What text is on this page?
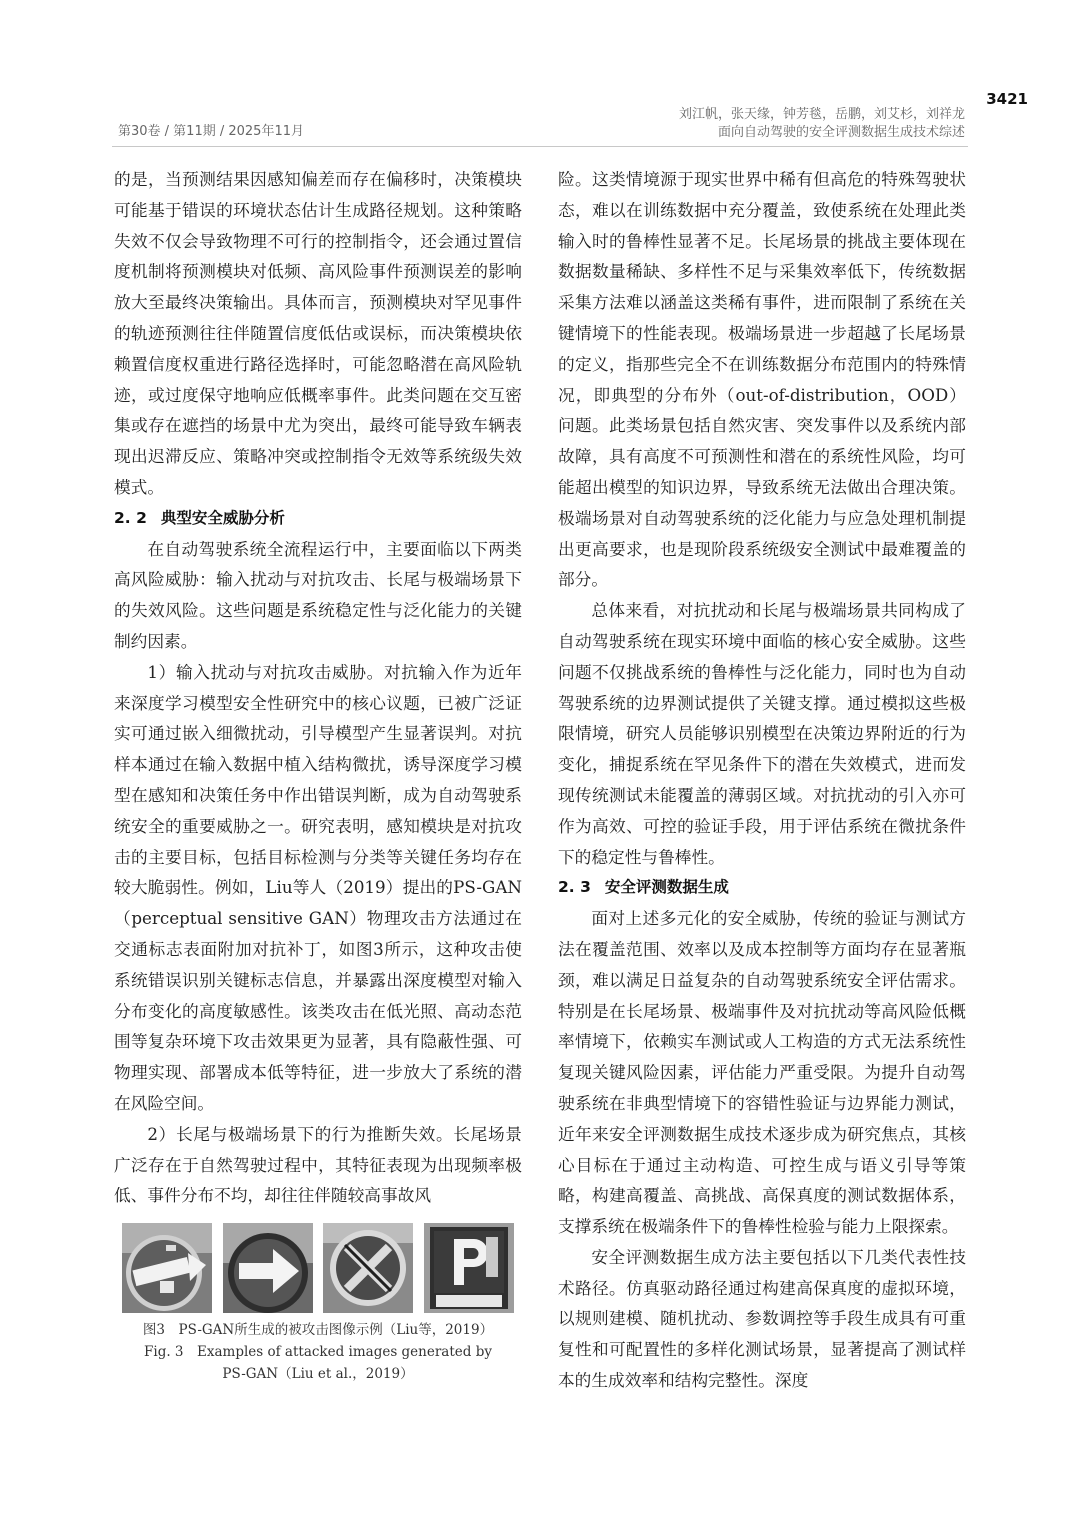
3421
第30卷 / 第11期 / 2025年11月
刘江帆，张天缘，钟芳毯，岳鹏，刘艾杉，刘祥龙
面向自动驾驶的安全评测数据生成技术综述

的是，当预测结果因感知偏差而存在偏移时，决策模块可能基于错误的环境状态估计生成路径规划。这种策略失效不仅会导致物理不可行的控制指令，还会通过置信度机制将预测模块对低频、高风险事件预测误差的影响放大至最终决策输出。具体而言，预测模块对罕见事件的轨迹预测往往伴随置信度低估或误标，而决策模块依赖置信度权重进行路径选择时，可能忽略潜在高风险轨迹，或过度保守地响应低概率事件。此类问题在交互密集或存在遮挡的场景中尤为突出，最终可能导致车辆表现出迟滞反应、策略冲突或控制指令无效等系统级失效模式。

2. 2 典型安全威胁分析

在自动驾驶系统全流程运行中，主要面临以下两类高风险威胁：输入扰动与对抗攻击、长尾与极端场景下的失效风险。这些问题是系统稳定性与泛化能力的关键制约因素。

1）输入扰动与对抗攻击威胁。对抗输入作为近年来深度学习模型安全性研究中的核心议题，已被广泛证实可通过嵌入细微扰动，引导模型产生显著误判。对抗样本通过在输入数据中植入结构微扰，诱导深度学习模型在感知和决策任务中作出错误判断，成为自动驾驶系统安全的重要威胁之一。研究表明，感知模块是对抗攻击的主要目标，包括目标检测与分类等关键任务均存在较大脆弱性。例如，Liu等人（2019）提出的PS-GAN（perceptual sensitive GAN）物理攻击方法通过在交通标志表面附加对抗补丁，如图3所示，这种攻击使系统错误识别关键标志信息，并暴露出深度模型对输入分布变化的高度敏感性。该类攻击在低光照、高动态范围等复杂环境下攻击效果更为显著，具有隐蔽性强、可物理实现、部署成本低等特征，进一步放大了系统的潜在风险空间。

2）长尾与极端场景下的行为推断失效。长尾场景广泛存在于自然驾驶过程中，其特征表现为出现频率极低、事件分布不均，却往往伴随较高事故风

图3　PS-GAN所生成的被攻击图像示例（Liu等，2019）
Fig. 3　Examples of attacked images generated by
PS-GAN（Liu et al.，2019）

险。这类情境源于现实世界中稀有但高危的特殊驾驶状态，难以在训练数据中充分覆盖，致使系统在处理此类输入时的鲁棒性显著不足。长尾场景的挑战主要体现在数据数量稀缺、多样性不足与采集效率低下，传统数据采集方法难以涵盖这类稀有事件，进而限制了系统在关键情境下的性能表现。极端场景进一步超越了长尾场景的定义，指那些完全不在训练数据分布范围内的特殊情况，即典型的分布外（out-of-distribution，OOD）问题。此类场景包括自然灾害、突发事件以及系统内部故障，具有高度不可预测性和潜在的系统性风险，均可能超出模型的知识边界，导致系统无法做出合理决策。极端场景对自动驾驶系统的泛化能力与应急处理机制提出更高要求，也是现阶段系统级安全测试中最难覆盖的部分。

总体来看，对抗扰动和长尾与极端场景共同构成了自动驾驶系统在现实环境中面临的核心安全威胁。这些问题不仅挑战系统的鲁棒性与泛化能力，同时也为自动驾驶系统的边界测试提供了关键支撑。通过模拟这些极限情境，研究人员能够识别模型在决策边界附近的行为变化，捕捉系统在罕见条件下的潜在失效模式，进而发现传统测试未能覆盖的薄弱区域。对抗扰动的引入亦可作为高效、可控的验证手段，用于评估系统在微扰条件下的稳定性与鲁棒性。

2. 3 安全评测数据生成

面对上述多元化的安全威胁，传统的验证与测试方法在覆盖范围、效率以及成本控制等方面均存在显著瓶颈，难以满足日益复杂的自动驾驶系统安全评估需求。特别是在长尾场景、极端事件及对抗扰动等高风险低概率情境下，依赖实车测试或人工构造的方式无法系统性复现关键风险因素，评估能力严重受限。为提升自动驾驶系统在非典型情境下的容错性验证与边界能力测试，近年来安全评测数据生成技术逐步成为研究焦点，其核心目标在于通过主动构造、可控生成与语义引导等策略，构建高覆盖、高挑战、高保真度的测试数据体系，支撑系统在极端条件下的鲁棒性检验与能力上限探索。

安全评测数据生成方法主要包括以下几类代表性技术路径。仿真驱动路径通过构建高保真度的虚拟环境，以规则建模、随机扰动、参数调控等手段生成具有可重复性和可配置性的多样化测试场景，显著提高了测试样本的生成效率和结构完整性。深度
